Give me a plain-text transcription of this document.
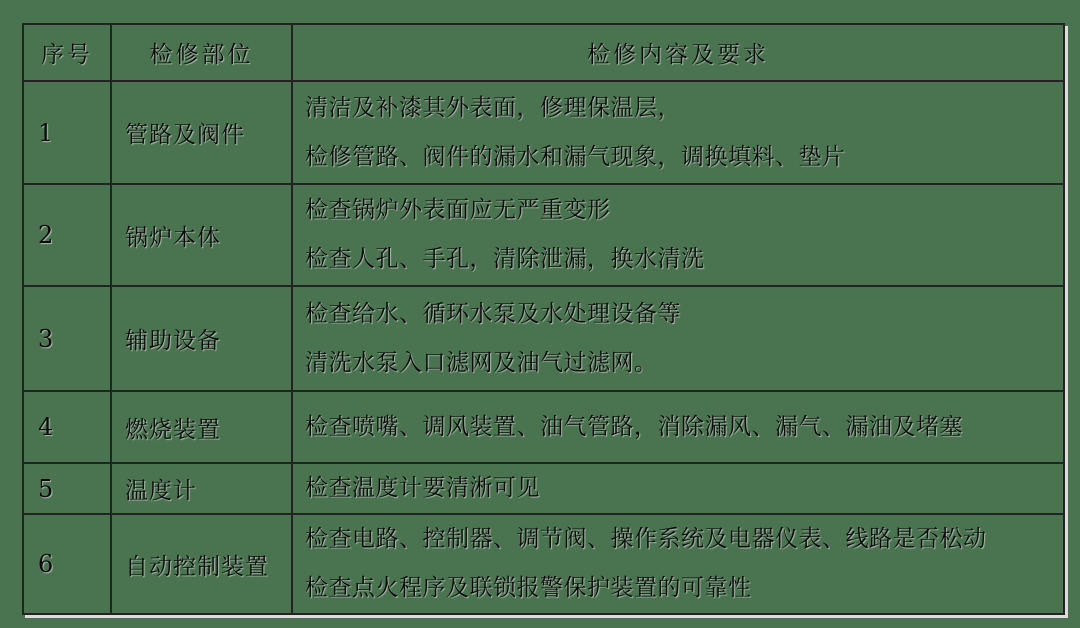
序号	检修部位	检修内容及要求
1	管路及阀件	清洁及补漆其外表面，修理保温层，
检修管路、阀件的漏水和漏气现象，调换填料、垫片

2	锅炉本体	检查锅炉外表面应无严重变形
检查人孔、手孔，清除泄漏，换水清洗

3	辅助设备	检查给水、循环水泵及水处理设备等
清洗水泵入口滤网及油气过滤网。

4	燃烧装置	检查喷嘴、调风装置、油气管路，消除漏风、漏气、漏油及堵塞

5	温度计	检查温度计要清淅可见

6	自动控制装置	检查电路、控制器、调节阀、操作系统及电器仪表、线路是否松动
检查点火程序及联锁报警保护装置的可靠性
